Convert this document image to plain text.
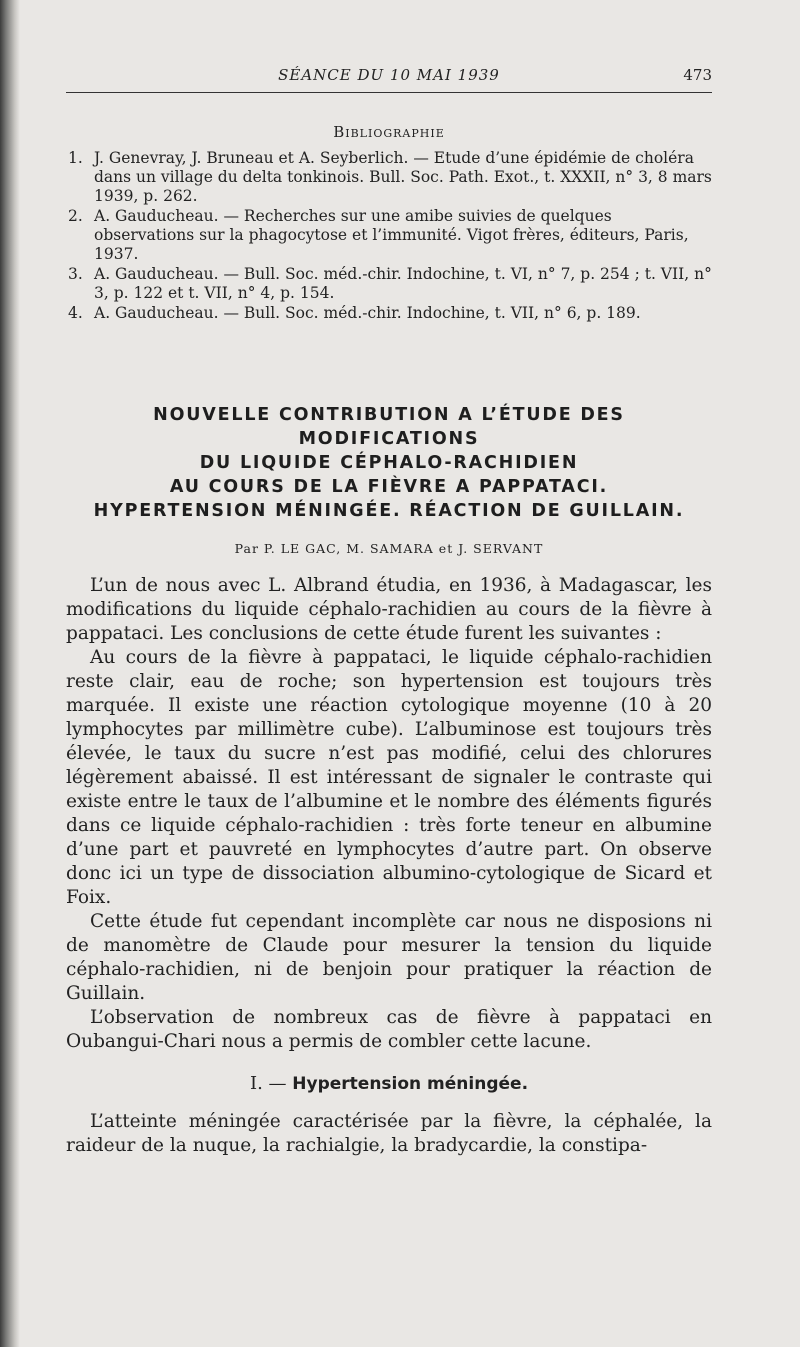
SÉANCE DU 10 MAI 1939	473
Bibliographie
1. J. Genevray, J. Bruneau et A. Seyberlich. — Etude d’une épidémie de choléra dans un village du delta tonkinois. Bull. Soc. Path. Exot., t. XXXII, n° 3, 8 mars 1939, p. 262.
2. A. Gauducheau. — Recherches sur une amibe suivies de quelques observations sur la phagocytose et l’immunité. Vigot frères, éditeurs, Paris, 1937.
3. A. Gauducheau. — Bull. Soc. méd.-chir. Indochine, t. VI, n° 7, p. 254 ; t. VII, n° 3, p. 122 et t. VII, n° 4, p. 154.
4. A. Gauducheau. — Bull. Soc. méd.-chir. Indochine, t. VII, n° 6, p. 189.
NOUVELLE CONTRIBUTION A L’ÉTUDE DES MODIFICATIONS
DU LIQUIDE CÉPHALO-RACHIDIEN
AU COURS DE LA FIÈVRE A PAPPATACI.
HYPERTENSION MÉNINGÉE. RÉACTION DE GUILLAIN.
Par P. LE GAC, M. SAMARA et J. SERVANT

L’un de nous avec L. Albrand étudia, en 1936, à Madagascar, les modifications du liquide céphalo-rachidien au cours de la fièvre à pappataci. Les conclusions de cette étude furent les suivantes :

Au cours de la fièvre à pappataci, le liquide céphalo-rachidien reste clair, eau de roche; son hypertension est toujours très marquée. Il existe une réaction cytologique moyenne (10 à 20 lymphocytes par millimètre cube). L’albuminose est toujours très élevée, le taux du sucre n’est pas modifié, celui des chlorures légèrement abaissé. Il est intéressant de signaler le contraste qui existe entre le taux de l’albumine et le nombre des éléments figurés dans ce liquide céphalo-rachidien : très forte teneur en albumine d’une part et pauvreté en lymphocytes d’autre part. On observe donc ici un type de dissociation albumino-cytologique de Sicard et Foix.

Cette étude fut cependant incomplète car nous ne disposions ni de manomètre de Claude pour mesurer la tension du liquide céphalo-rachidien, ni de benjoin pour pratiquer la réaction de Guillain.

L’observation de nombreux cas de fièvre à pappataci en Oubangui-Chari nous a permis de combler cette lacune.

I. — Hypertension méningée.

L’atteinte méningée caractérisée par la fièvre, la céphalée, la raideur de la nuque, la rachialgie, la bradycardie, la constipa-
